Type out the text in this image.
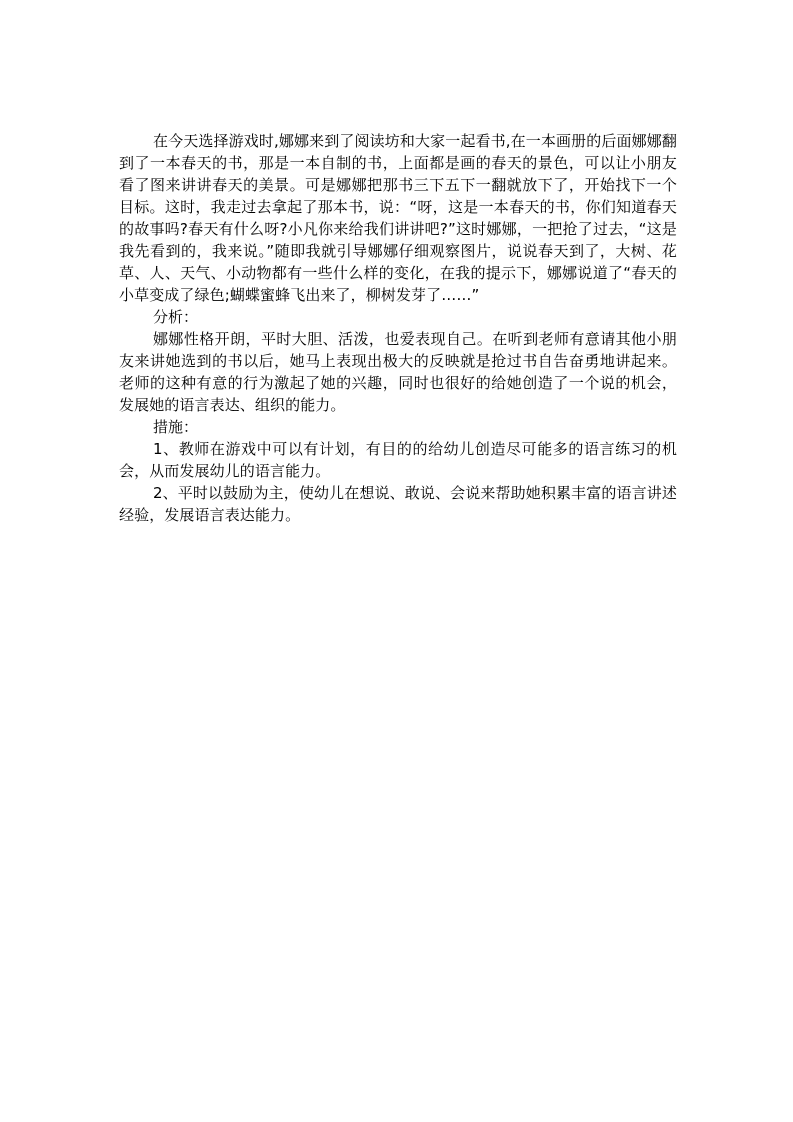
在今天选择游戏时,娜娜来到了阅读坊和大家一起看书,在一本画册的后面娜娜翻到了一本春天的书，那是一本自制的书，上面都是画的春天的景色，可以让小朋友看了图来讲讲春天的美景。可是娜娜把那书三下五下一翻就放下了，开始找下一个目标。这时，我走过去拿起了那本书，说：“呀，这是一本春天的书，你们知道春天的故事吗?春天有什么呀?小凡你来给我们讲讲吧?”这时娜娜，一把抢了过去，“这是我先看到的，我来说。”随即我就引导娜娜仔细观察图片，说说春天到了，大树、花草、人、天气、小动物都有一些什么样的变化，在我的提示下，娜娜说道了“春天的小草变成了绿色;蝴蝶蜜蜂飞出来了，柳树发芽了……”

分析：

娜娜性格开朗，平时大胆、活泼，也爱表现自己。在听到老师有意请其他小朋友来讲她选到的书以后，她马上表现出极大的反映就是抢过书自告奋勇地讲起来。老师的这种有意的行为激起了她的兴趣，同时也很好的给她创造了一个说的机会，发展她的语言表达、组织的能力。

措施：

1、教师在游戏中可以有计划，有目的的给幼儿创造尽可能多的语言练习的机会，从而发展幼儿的语言能力。

2、平时以鼓励为主，使幼儿在想说、敢说、会说来帮助她积累丰富的语言讲述经验，发展语言表达能力。
